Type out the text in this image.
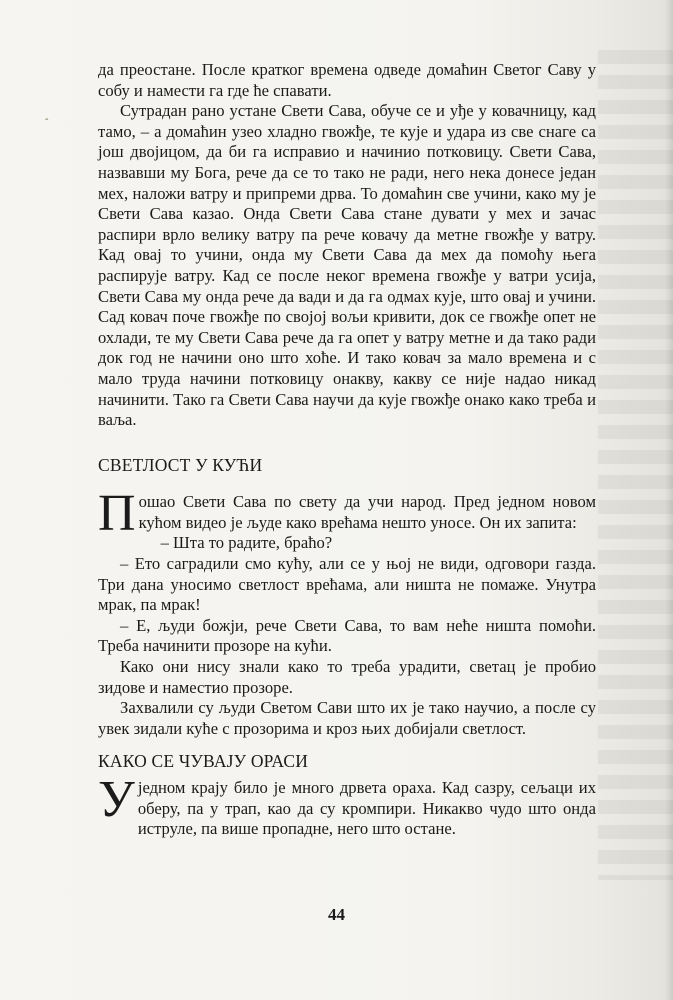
ˆ

да преостане. После кратког времена одведе домаћин Светог Саву у собу и намести га где ће спавати.

Сутрадан рано устане Свети Сава, обуче се и уђе у ковачницу, кад тамо, – а домаћин узео хладно гвожђе, те кује и удара из све снаге са још двојицом, да би га исправио и начинио потковицу. Свети Сава, назвавши му Бога, рече да се то тако не ради, него нека донесе један мех, наложи ватру и припреми дрва. То домаћин све учини, како му је Свети Сава казао. Онда Свети Сава стане дувати у мех и зачас распири врло велику ватру па рече ковачу да метне гвожђе у ватру. Кад овај то учини, онда му Свети Сава да мех да помоћу њега распирује ватру. Кад се после неког времена гвожђе у ватри усија, Свети Сава му онда рече да вади и да га одмах кује, што овај и учини. Сад ковач поче гвожђе по својој вољи кривити, док се гвожђе опет не охлади, те му Свети Сава рече да га опет у ватру метне и да тако ради док год не начини оно што хоће. И тако ковач за мало времена и с мало труда начини потковицу онакву, какву се није надао никад начинити. Тако га Свети Сава научи да кује гвожђе онако како треба и ваља.

СВЕТЛОСТ У КУЋИ

Пошао Свети Сава по свету да учи народ. Пред једном новом кућом видео је људе како врећама нешто уносе. Он их запита:

– Шта то радите, браћо?

– Ето саградили смо кућу, али се у њој не види, одговори газда. Три дана уносимо светлост врећама, али ништа не помаже. Унутра мрак, па мрак!

– Е, људи божји, рече Свети Сава, то вам неће ништа помоћи. Треба начинити прозоре на кући.

Како они нису знали како то треба урадити, светац је пробио зидове и наместио прозоре.

Захвалили су људи Светом Сави што их је тако научио, а после су увек зидали куће с прозорима и кроз њих добијали светлост.

КАКО СЕ ЧУВАЈУ ОРАСИ

Уједном крају било је много дрвета ораха. Кад сазру, сељаци их оберу, па у трап, као да су кромпири. Никакво чудо што онда иструле, па више пропадне, него што остане.

44
